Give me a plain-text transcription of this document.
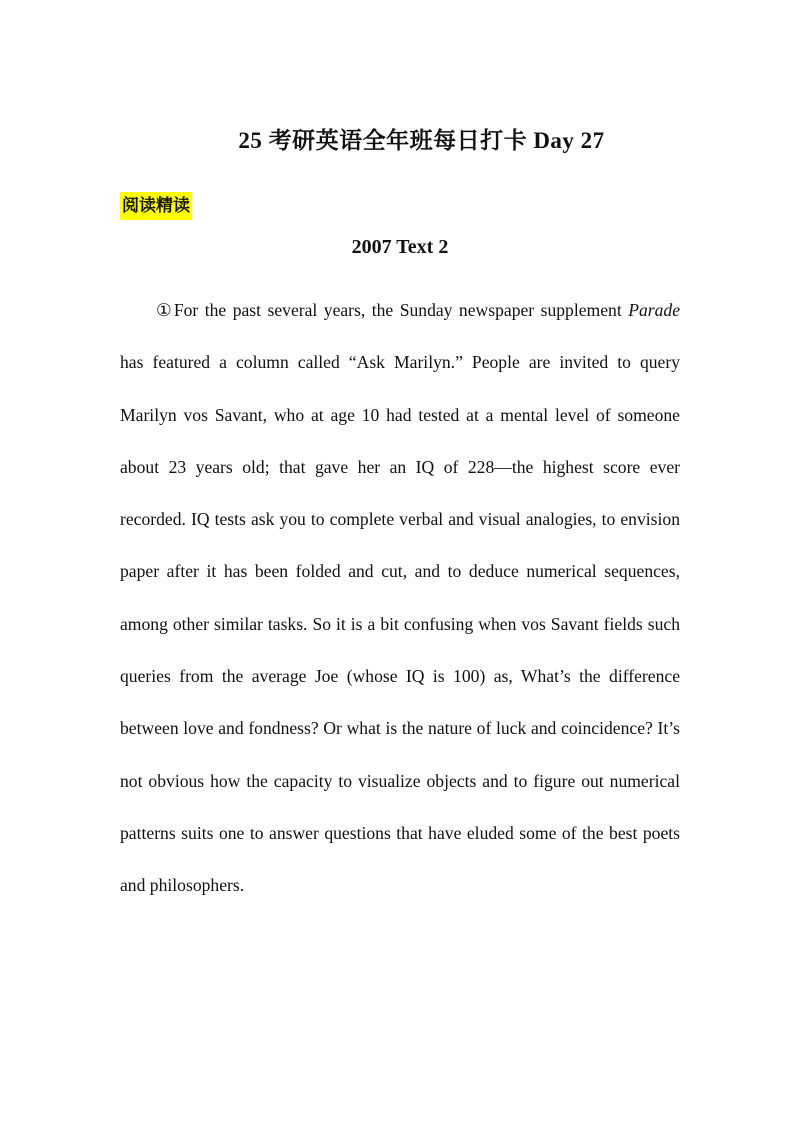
25 考研英语全年班每日打卡 Day 27
阅读精读
2007 Text 2

①For the past several years, the Sunday newspaper supplement Parade has featured a column called “Ask Marilyn.” People are invited to query Marilyn vos Savant, who at age 10 had tested at a mental level of someone about 23 years old; that gave her an IQ of 228—the highest score ever recorded. IQ tests ask you to complete verbal and visual analogies, to envision paper after it has been folded and cut, and to deduce numerical sequences, among other similar tasks. So it is a bit confusing when vos Savant fields such queries from the average Joe (whose IQ is 100) as, What’s the difference between love and fondness? Or what is the nature of luck and coincidence? It’s not obvious how the capacity to visualize objects and to figure out numerical patterns suits one to answer questions that have eluded some of the best poets and philosophers.
